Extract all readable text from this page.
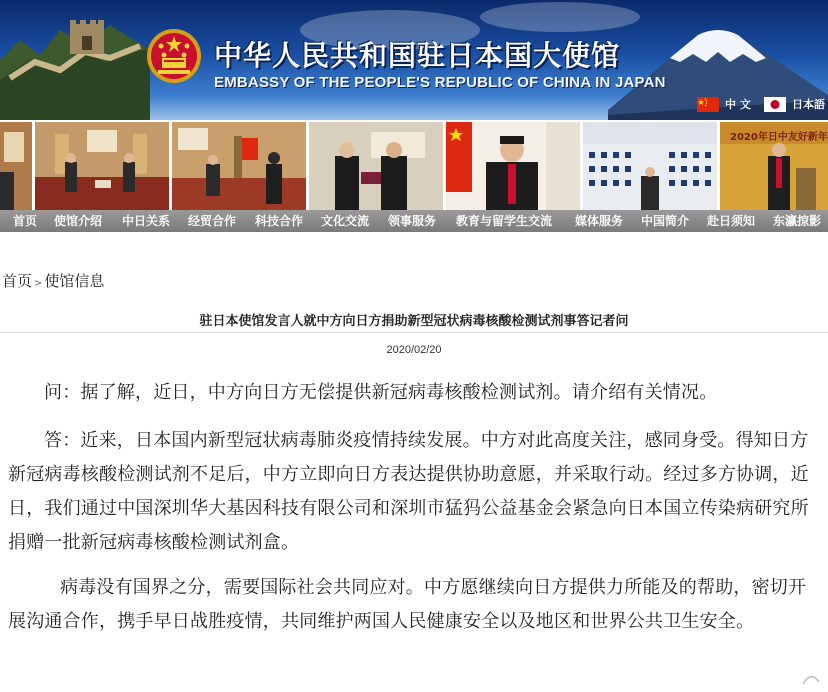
中华人民共和国驻日本国大使馆
EMBASSY OF THE PEOPLE'S REPUBLIC OF CHINA IN JAPAN
中 文	日本語
2020年日中友好新年
首页 使馆介绍 中日关系 经贸合作 科技合作 文化交流 领事服务 教育与留学生交流 媒体服务 中国简介 赴日须知 东瀛掠影
首页 > 使馆信息
驻日本使馆发言人就中方向日方捐助新型冠状病毒核酸检测试剂事答记者问
2020/02/20

问：据了解，近日，中方向日方无偿提供新冠病毒核酸检测试剂。请介绍有关情况。

答：近来，日本国内新型冠状病毒肺炎疫情持续发展。中方对此高度关注，感同身受。得知日方新冠病毒核酸检测试剂不足后，中方立即向日方表达提供协助意愿，并采取行动。经过多方协调，近日，我们通过中国深圳华大基因科技有限公司和深圳市猛犸公益基金会紧急向日本国立传染病研究所捐赠一批新冠病毒核酸检测试剂盒。

病毒没有国界之分，需要国际社会共同应对。中方愿继续向日方提供力所能及的帮助，密切开展沟通合作，携手早日战胜疫情，共同维护两国人民健康安全以及地区和世界公共卫生安全。
